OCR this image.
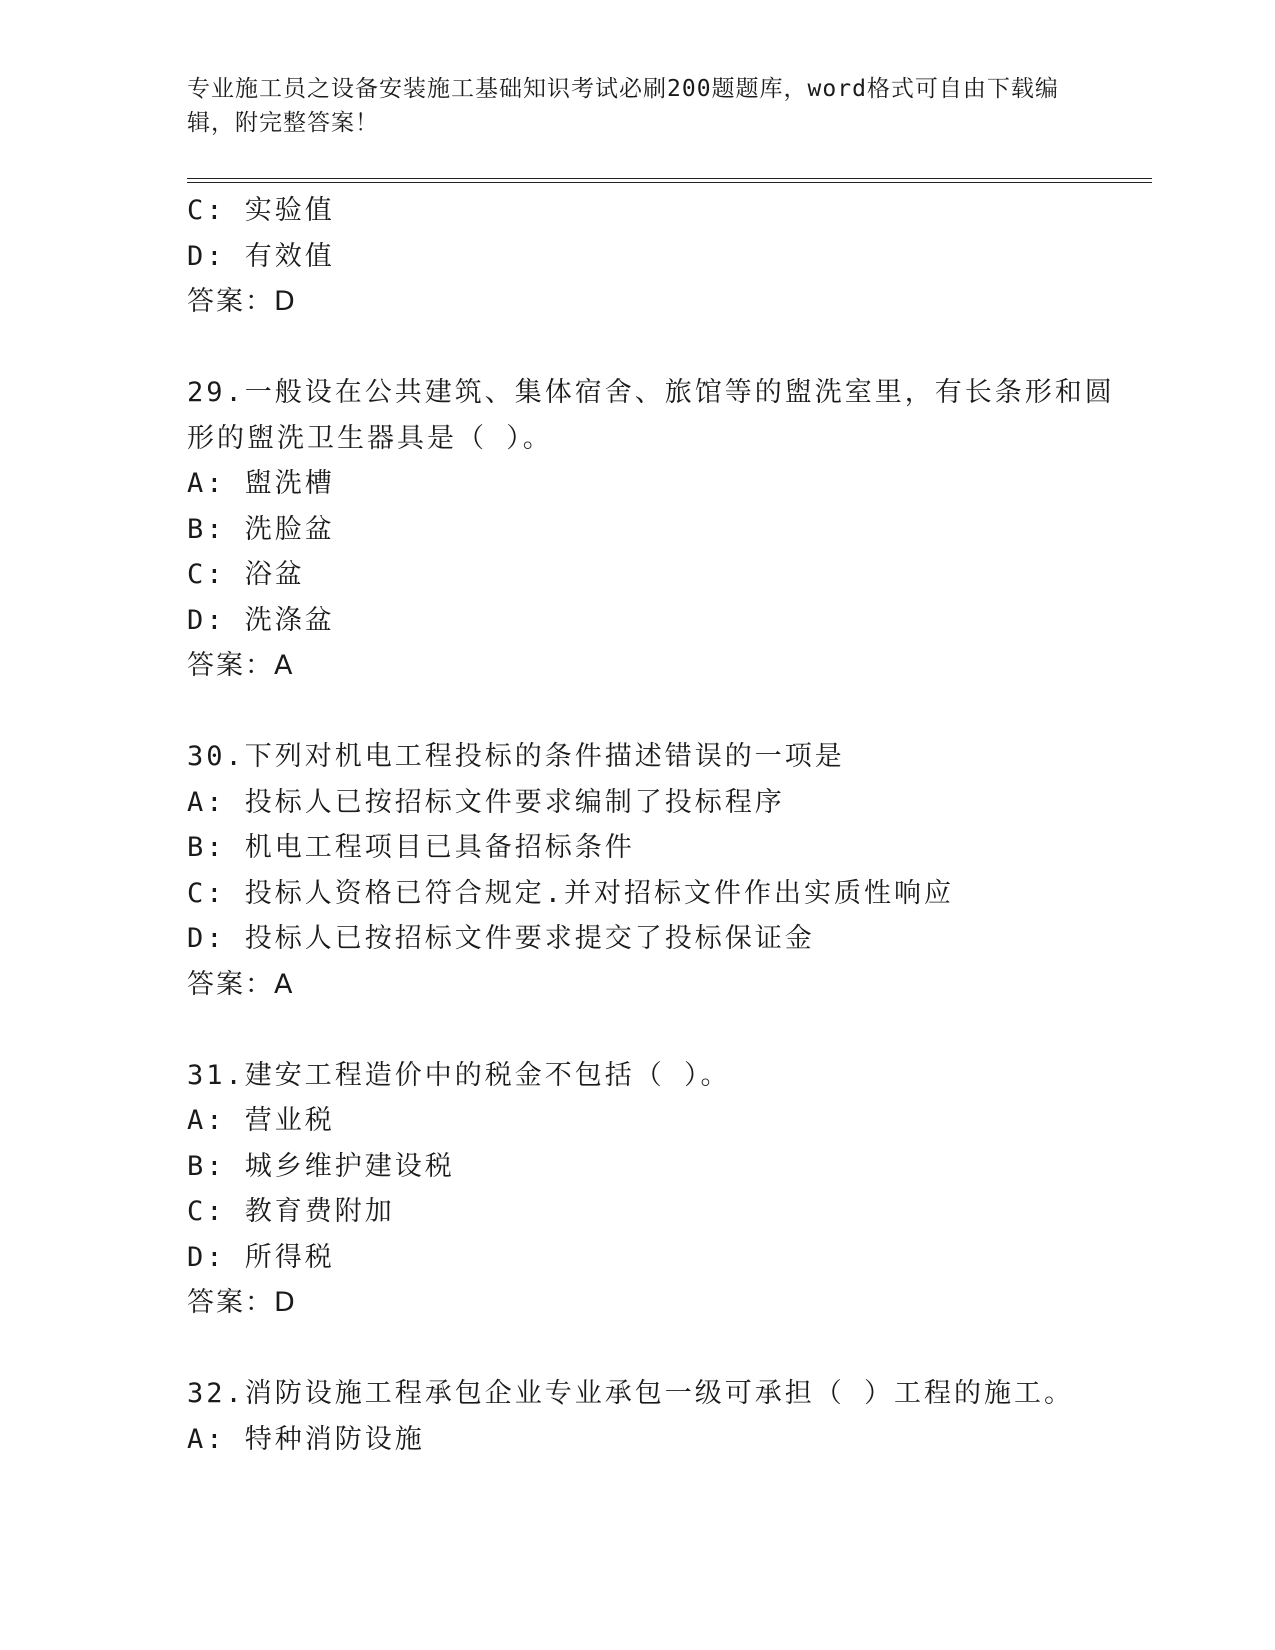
专业施工员之设备安装施工基础知识考试必刷200题题库，word格式可自由下载编辑，附完整答案！
C: 实验值
D: 有效值
答案：D
29.一般设在公共建筑、集体宿舍、旅馆等的盥洗室里，有长条形和圆
形的盥洗卫生器具是（ ）。
A: 盥洗槽
B: 洗脸盆
C: 浴盆
D: 洗涤盆
答案：A
30.下列对机电工程投标的条件描述错误的一项是
A: 投标人已按招标文件要求编制了投标程序
B: 机电工程项目已具备招标条件
C: 投标人资格已符合规定.并对招标文件作出实质性响应
D: 投标人已按招标文件要求提交了投标保证金
答案：A
31.建安工程造价中的税金不包括（ ）。
A: 营业税
B: 城乡维护建设税
C: 教育费附加
D: 所得税
答案：D
32.消防设施工程承包企业专业承包一级可承担（ ）工程的施工。
A: 特种消防设施
